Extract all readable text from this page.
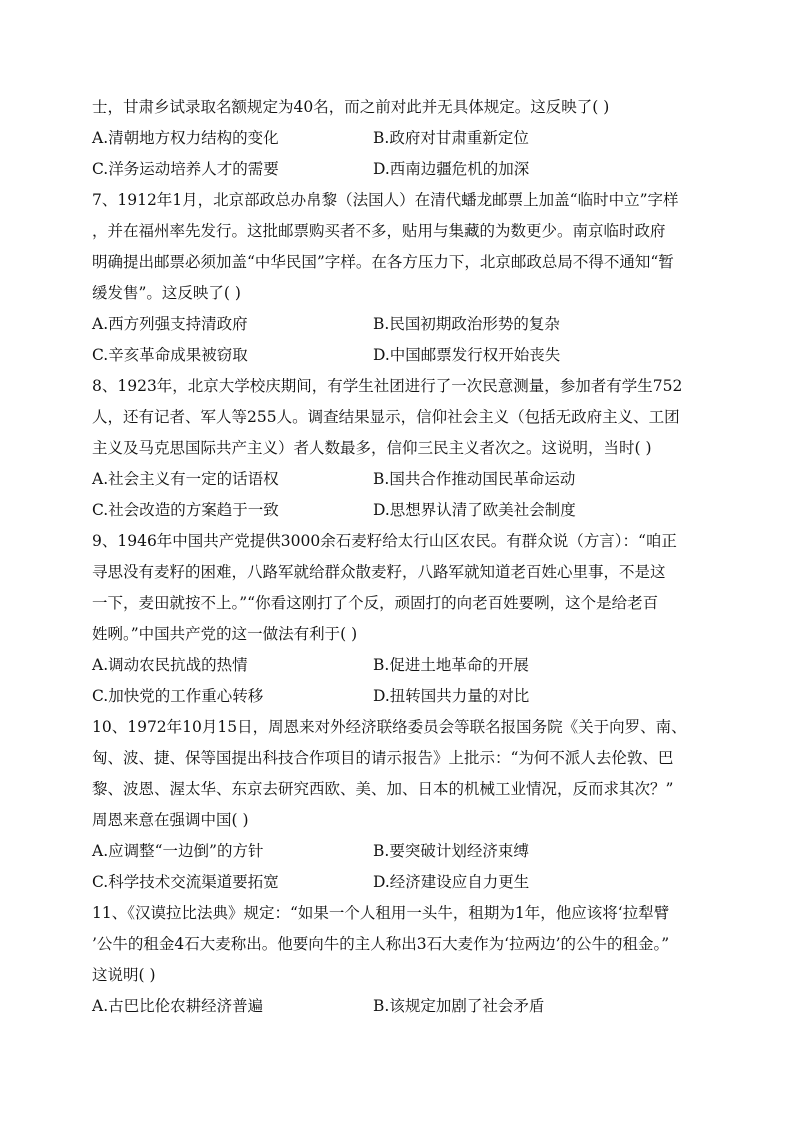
士，甘肃乡试录取名额规定为40名，而之前对此并无具体规定。这反映了( )
A.清朝地方权力结构的变化	B.政府对甘肃重新定位
C.洋务运动培养人才的需要	D.西南边疆危机的加深
7、1912年1月，北京部政总办帛黎（法国人）在清代蟠龙邮票上加盖“临时中立”字样
，并在福州率先发行。这批邮票购买者不多，贴用与集藏的为数更少。南京临时政府
明确提出邮票必须加盖“中华民国”字样。在各方压力下，北京邮政总局不得不通知“暂
缓发售”。这反映了( )
A.西方列强支持清政府	B.民国初期政治形势的复杂
C.辛亥革命成果被窃取	D.中国邮票发行权开始丧失
8、1923年，北京大学校庆期间，有学生社团进行了一次民意测量，参加者有学生752
人，还有记者、军人等255人。调查结果显示，信仰社会主义（包括无政府主义、工团
主义及马克思国际共产主义）者人数最多，信仰三民主义者次之。这说明，当时( )
A.社会主义有一定的话语权	B.国共合作推动国民革命运动
C.社会改造的方案趋于一致	D.思想界认清了欧美社会制度
9、1946年中国共产党提供3000余石麦籽给太行山区农民。有群众说（方言）：“咱正
寻思没有麦籽的困难，八路军就给群众散麦籽，八路军就知道老百姓心里事，不是这
一下，麦田就按不上。”“你看这刚打了个反，顽固打的向老百姓要咧，这个是给老百
姓咧。”中国共产党的这一做法有利于( )
A.调动农民抗战的热情	B.促进土地革命的开展
C.加快党的工作重心转移	D.扭转国共力量的对比
10、1972年10月15日，周恩来对外经济联络委员会等联名报国务院《关于向罗、南、
匈、波、捷、保等国提出科技合作项目的请示报告》上批示：“为何不派人去伦敦、巴
黎、波恩、渥太华、东京去研究西欧、美、加、日本的机械工业情况，反而求其次？”
周恩来意在强调中国( )
A.应调整“一边倒”的方针	B.要突破计划经济束缚
C.科学技术交流渠道要拓宽	D.经济建设应自力更生
11、《汉谟拉比法典》规定：“如果一个人租用一头牛，租期为1年，他应该将‘拉犁臂
’公牛的租金4石大麦称出。他要向牛的主人称出3石大麦作为‘拉两边’的公牛的租金。”
这说明( )
A.古巴比伦农耕经济普遍	B.该规定加剧了社会矛盾
